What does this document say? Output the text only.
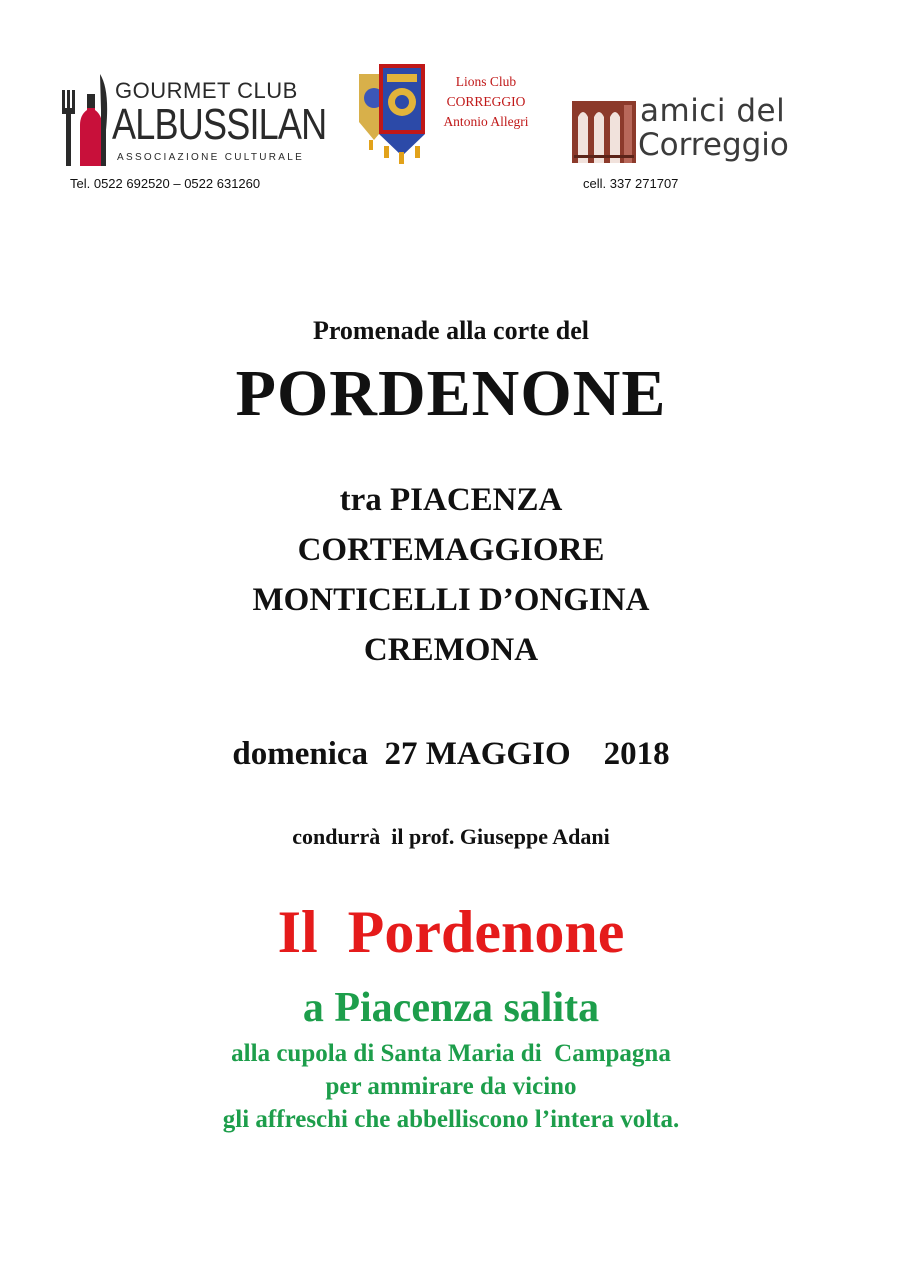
GOURMET CLUB
ALBUSSILAN
ASSOCIAZIONE CULTURALE
Tel. 0522 692520 – 0522 631260
Lions Club
CORREGGIO
Antonio Allegri	amici del
Correggio
cell. 337 271707
Promenade alla corte del
PORDENONE
tra PIACENZA
CORTEMAGGIORE
MONTICELLI D’ONGINA
CREMONA
domenica  27 MAGGIO    2018
condurrà  il prof. Giuseppe Adani
Il  Pordenone
a Piacenza salita
alla cupola di Santa Maria di  Campagna
per ammirare da vicino
gli affreschi che abbelliscono l’intera volta.
